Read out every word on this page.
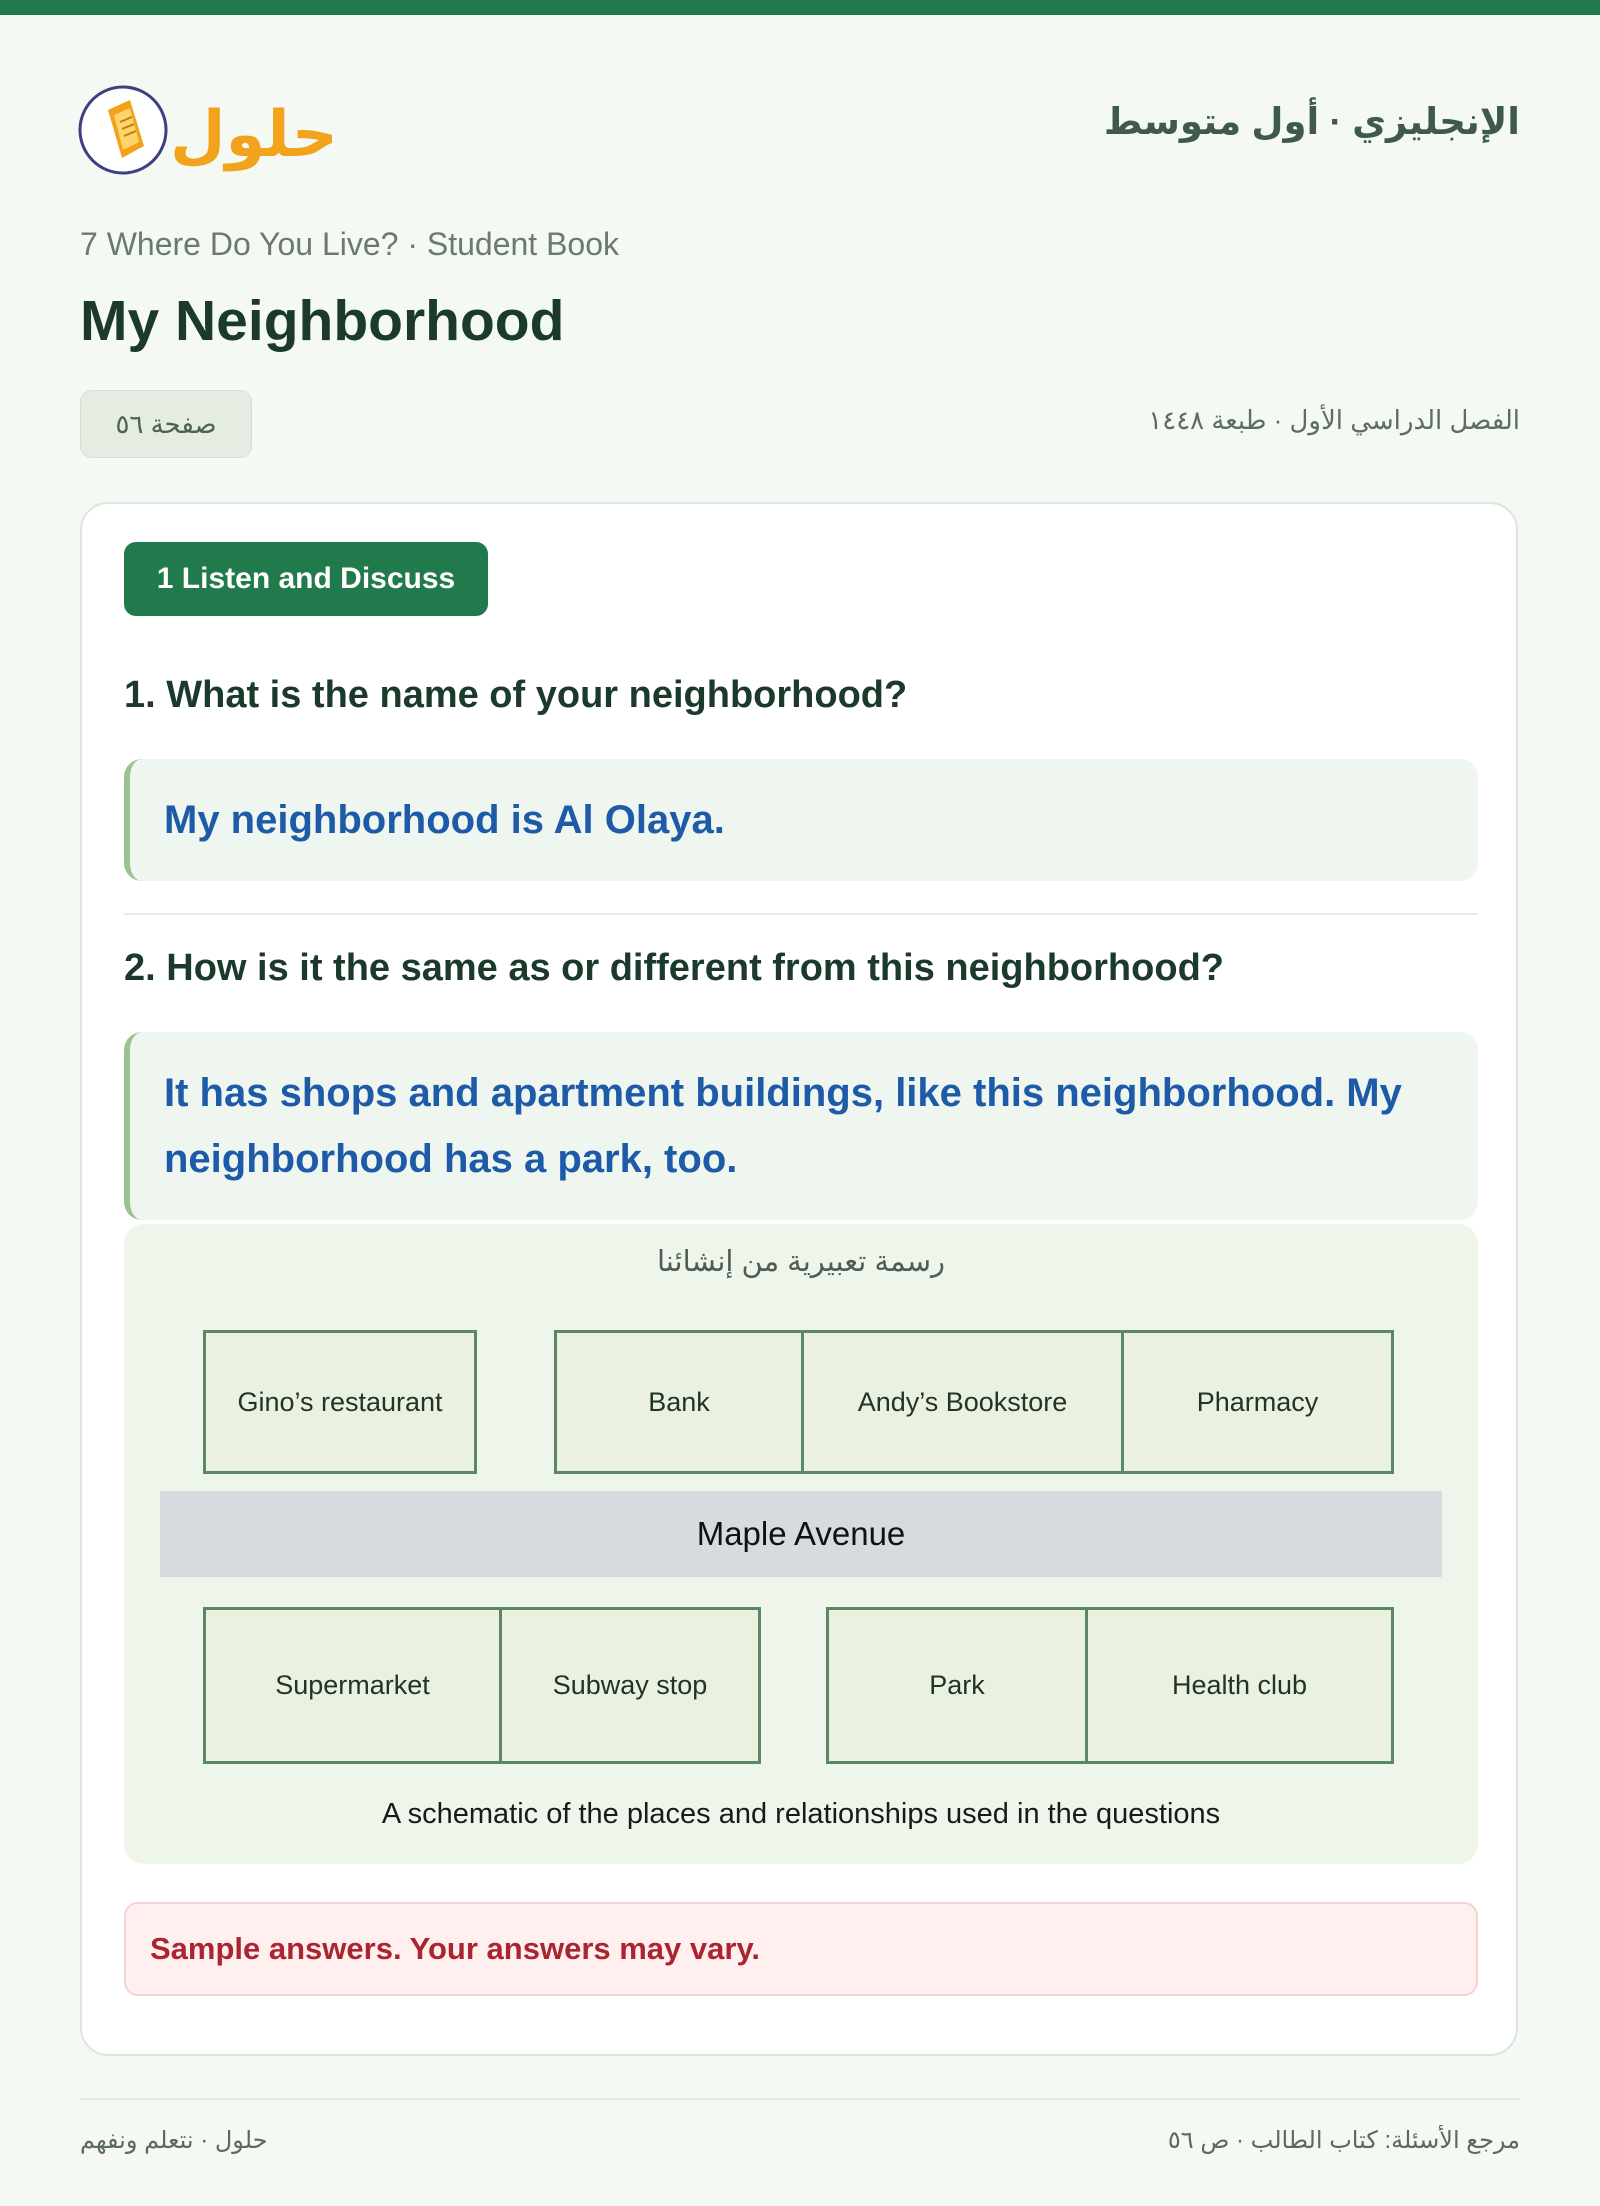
حلول	الإنجليزي · أول متوسط
7 Where Do You Live? · Student Book
My Neighborhood
صفحة ٥٦	الفصل الدراسي الأول · طبعة ١٤٤٨
1 Listen and Discuss
1. What is the name of your neighborhood?
My neighborhood is Al Olaya.
2. How is it the same as or different from this neighborhood?
It has shops and apartment buildings, like this neighborhood. My neighborhood has a park, too.
رسمة تعبيرية من إنشائنا
Gino’s restaurant	Bank	Andy’s Bookstore	Pharmacy
Maple Avenue
Supermarket	Subway stop	Park	Health club
A schematic of the places and relationships used in the questions
Sample answers. Your answers may vary.
حلول · نتعلم ونفهم	مرجع الأسئلة: كتاب الطالب · ص ٥٦
